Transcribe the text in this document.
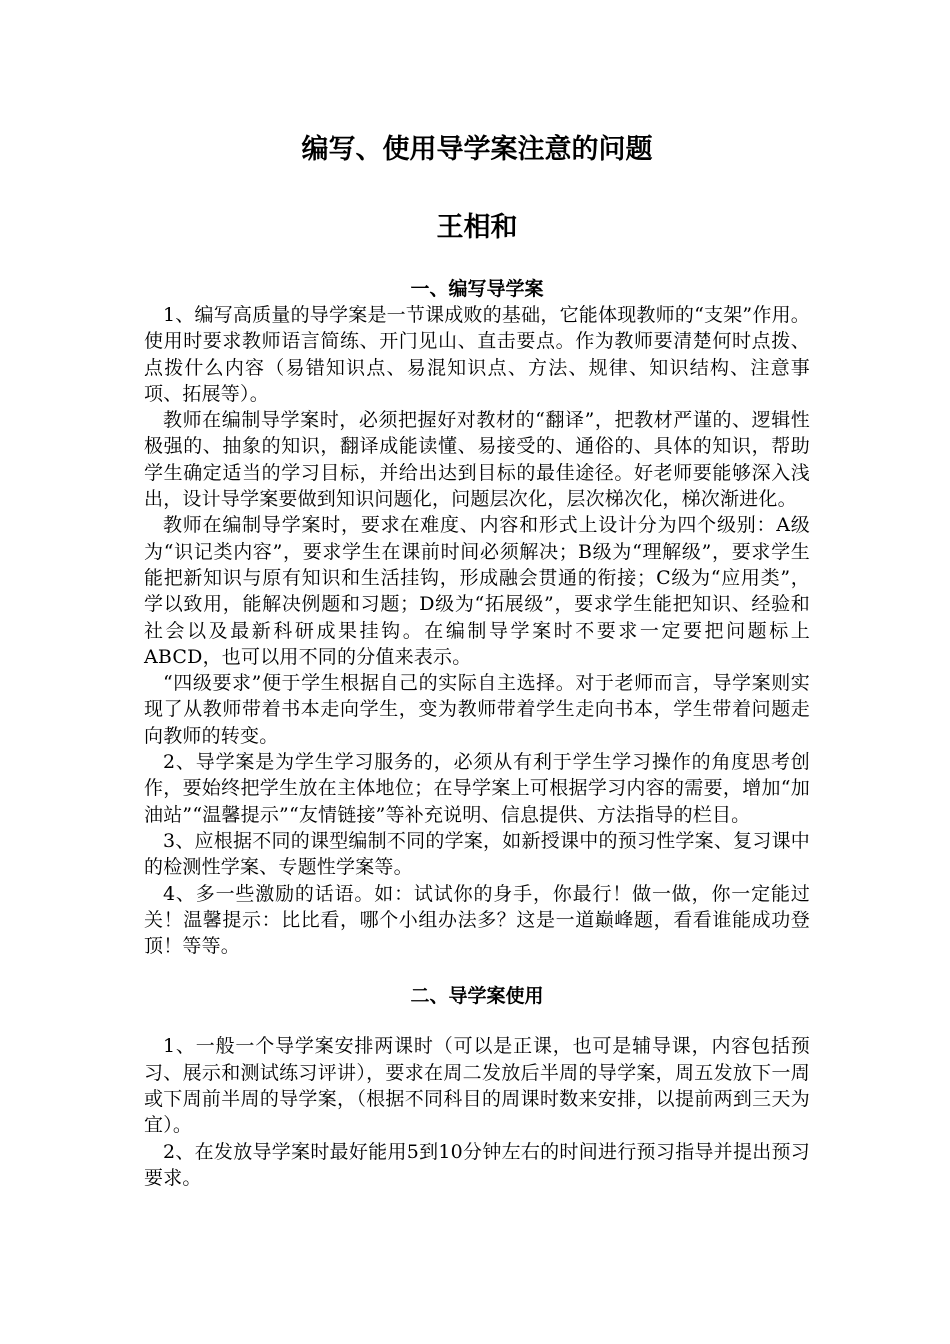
编写、使用导学案注意的问题
王相和
一、编写导学案

1、编写高质量的导学案是一节课成败的基础，它能体现教师的“支架”作用。使用时要求教师语言简练、开门见山、直击要点。作为教师要清楚何时点拨、点拨什么内容（易错知识点、易混知识点、方法、规律、知识结构、注意事项、拓展等）。

教师在编制导学案时，必须把握好对教材的“翻译”，把教材严谨的、逻辑性极强的、抽象的知识，翻译成能读懂、易接受的、通俗的、具体的知识，帮助学生确定适当的学习目标，并给出达到目标的最佳途径。好老师要能够深入浅出，设计导学案要做到知识问题化，问题层次化，层次梯次化，梯次渐进化。

教师在编制导学案时，要求在难度、内容和形式上设计分为四个级别：A级为“识记类内容”，要求学生在课前时间必须解决；B级为“理解级”，要求学生能把新知识与原有知识和生活挂钩，形成融会贯通的衔接；C级为“应用类”，学以致用，能解决例题和习题；D级为“拓展级”，要求学生能把知识、经验和社会以及最新科研成果挂钩。在编制导学案时不要求一定要把问题标上ABCD，也可以用不同的分值来表示。

“四级要求”便于学生根据自己的实际自主选择。对于老师而言，导学案则实现了从教师带着书本走向学生，变为教师带着学生走向书本，学生带着问题走向教师的转变。

2、导学案是为学生学习服务的，必须从有利于学生学习操作的角度思考创作，要始终把学生放在主体地位；在导学案上可根据学习内容的需要，增加“加油站”“温馨提示”“友情链接”等补充说明、信息提供、方法指导的栏目。

3、应根据不同的课型编制不同的学案，如新授课中的预习性学案、复习课中的检测性学案、专题性学案等。

4、多一些激励的话语。如：试试你的身手，你最行！做一做，你一定能过关！温馨提示：比比看，哪个小组办法多？这是一道巅峰题，看看谁能成功登顶！等等。

二、导学案使用

1、一般一个导学案安排两课时（可以是正课，也可是辅导课，内容包括预习、展示和测试练习评讲），要求在周二发放后半周的导学案，周五发放下一周或下周前半周的导学案，（根据不同科目的周课时数来安排，以提前两到三天为宜）。

2、在发放导学案时最好能用5到10分钟左右的时间进行预习指导并提出预习要求。
